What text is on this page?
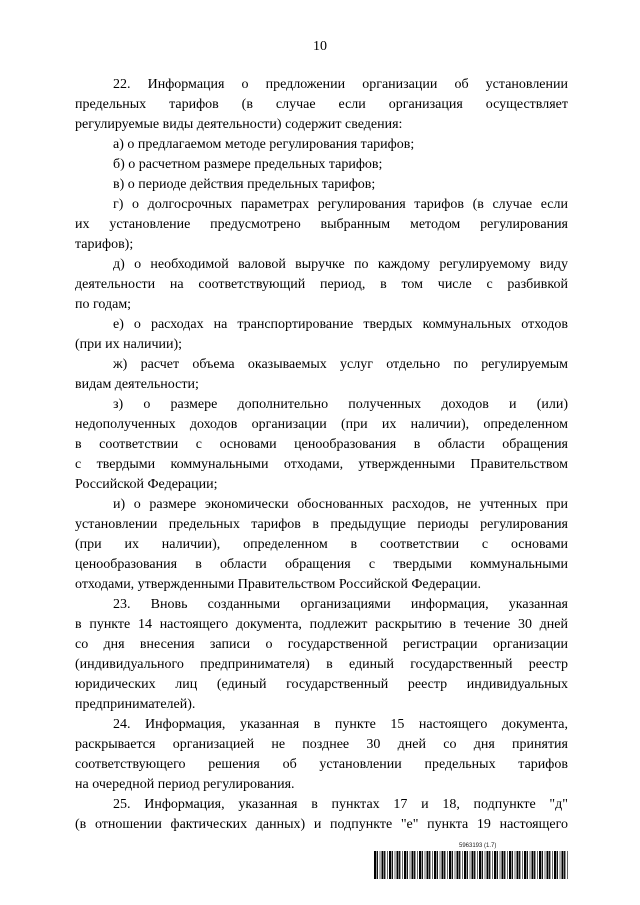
10
22. Информация о предложении организации об установлении
предельных тарифов (в случае если организация осуществляет
регулируемые виды деятельности) содержит сведения:
а) о предлагаемом методе регулирования тарифов;
б) о расчетном размере предельных тарифов;
в) о периоде действия предельных тарифов;
г) о долгосрочных параметрах регулирования тарифов (в случае если
их установление предусмотрено выбранным методом регулирования
тарифов);
д) о необходимой валовой выручке по каждому регулируемому виду
деятельности на соответствующий период, в том числе с разбивкой
по годам;
е) о расходах на транспортирование твердых коммунальных отходов
(при их наличии);
ж) расчет объема оказываемых услуг отдельно по регулируемым
видам деятельности;
з) о размере дополнительно полученных доходов и (или)
недополученных доходов организации (при их наличии), определенном
в соответствии с основами ценообразования в области обращения
с твердыми коммунальными отходами, утвержденными Правительством
Российской Федерации;
и) о размере экономически обоснованных расходов, не учтенных при
установлении предельных тарифов в предыдущие периоды регулирования
(при их наличии), определенном в соответствии с основами
ценообразования в области обращения с твердыми коммунальными
отходами, утвержденными Правительством Российской Федерации.
23. Вновь созданными организациями информация, указанная
в пункте 14 настоящего документа, подлежит раскрытию в течение 30 дней
со дня внесения записи о государственной регистрации организации
(индивидуального предпринимателя) в единый государственный реестр
юридических лиц (единый государственный реестр индивидуальных
предпринимателей).
24. Информация, указанная в пункте 15 настоящего документа,
раскрывается организацией не позднее 30 дней со дня принятия
соответствующего решения об установлении предельных тарифов
на очередной период регулирования.
25. Информация, указанная в пунктах 17 и 18, подпункте "д"
(в отношении фактических данных) и подпункте "е" пункта 19 настоящего
5963193 (1.7)
